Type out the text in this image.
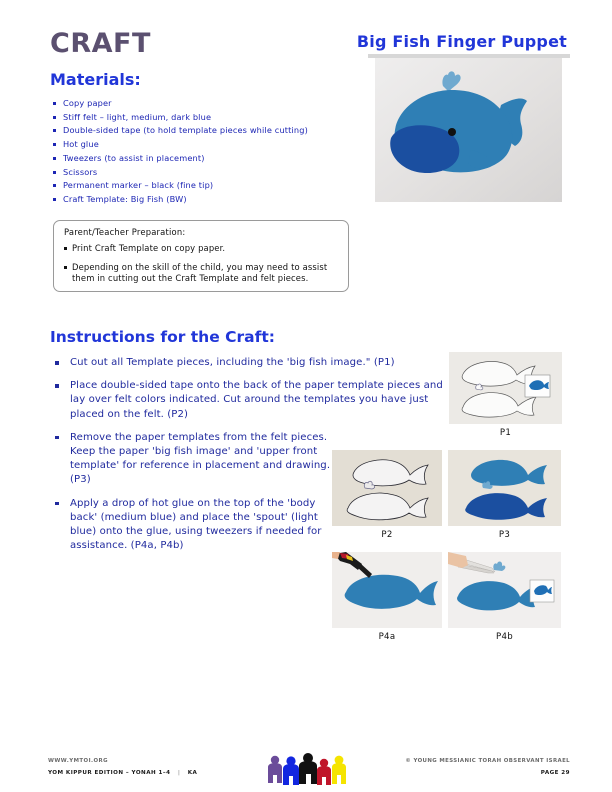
CRAFT	Big Fish Finger Puppet
Materials:
Copy paper
Stiff felt – light, medium, dark blue
Double-sided tape (to hold template pieces while cutting)
Hot glue
Tweezers (to assist in placement)
Scissors
Permanent marker – black (fine tip)
Craft Template: Big Fish (BW)
Parent/Teacher Preparation:
Print Craft Template on copy paper.
Depending on the skill of the child, you may need to assist them in cutting out the Craft Template and felt pieces.
Instructions for the Craft:
Cut out all Template pieces, including the 'big fish image." (P1)
Place double-sided tape onto the back of the paper template pieces and lay over felt colors indicated. Cut around the templates you have just placed on the felt. (P2)
Remove the paper templates from the felt pieces. Keep the paper 'big fish image' and 'upper front template' for reference in placement and drawing. (P3)
Apply a drop of hot glue on the top of the 'body back' (medium blue) and place the 'spout' (light blue) onto the glue, using tweezers if needed for assistance. (P4a, P4b)
P1
P2	P3
P4a	P4b
WWW.YMTOI.ORG
YOM KIPPUR EDITION – YONAH 1–4 | KA
© YOUNG MESSIANIC TORAH OBSERVANT ISRAEL
PAGE 29
